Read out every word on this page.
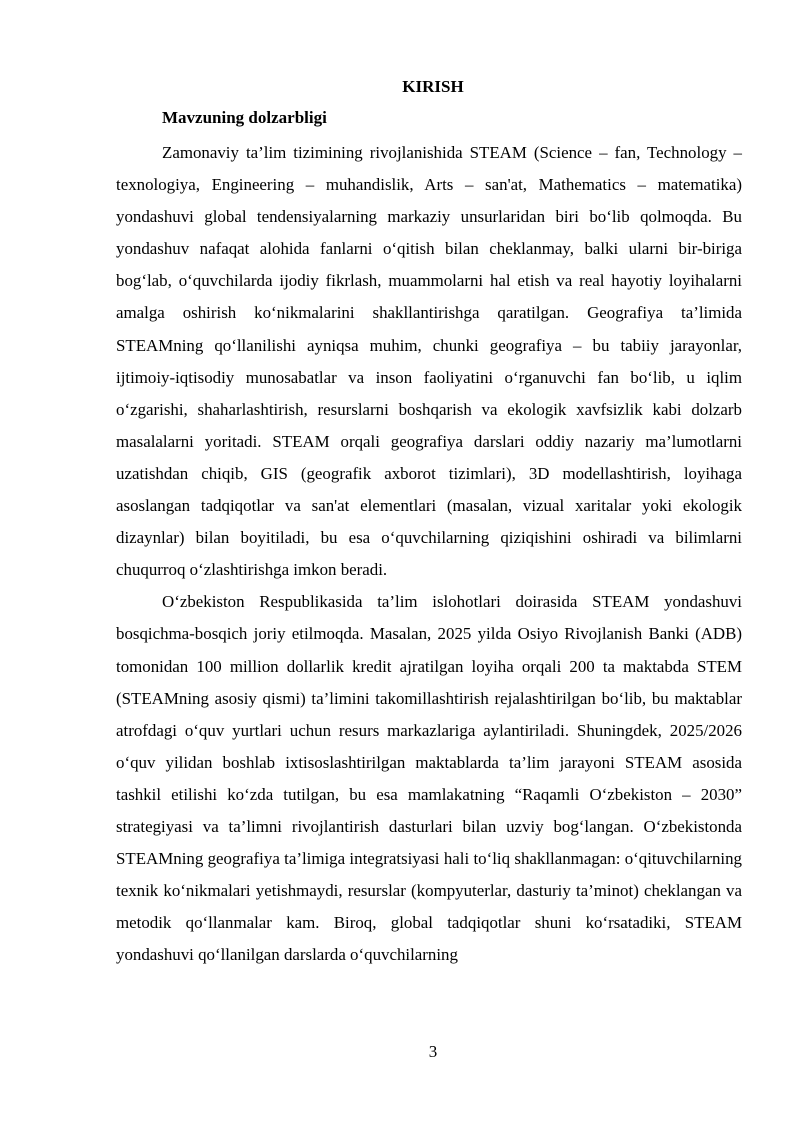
KIRISH

Mavzuning dolzarbligi

Zamonaviy ta’lim tizimining rivojlanishida STEAM (Science – fan, Technology – texnologiya, Engineering – muhandislik, Arts – san'at, Mathematics – matematika) yondashuvi global tendensiyalarning markaziy unsurlaridan biri bo‘lib qolmoqda. Bu yondashuv nafaqat alohida fanlarni o‘qitish bilan cheklanmay, balki ularni bir-biriga bog‘lab, o‘quvchilarda ijodiy fikrlash, muammolarni hal etish va real hayotiy loyihalarni amalga oshirish ko‘nikmalarini shakllantirishga qaratilgan. Geografiya ta’limida STEAMning qo‘llanilishi ayniqsa muhim, chunki geografiya – bu tabiiy jarayonlar, ijtimoiy-iqtisodiy munosabatlar va inson faoliyatini o‘rganuvchi fan bo‘lib, u iqlim o‘zgarishi, shaharlashtirish, resurslarni boshqarish va ekologik xavfsizlik kabi dolzarb masalalarni yoritadi. STEAM orqali geografiya darslari oddiy nazariy ma’lumotlarni uzatishdan chiqib, GIS (geografik axborot tizimlari), 3D modellashtirish, loyihaga asoslangan tadqiqotlar va san'at elementlari (masalan, vizual xaritalar yoki ekologik dizaynlar) bilan boyitiladi, bu esa o‘quvchilarning qiziqishini oshiradi va bilimlarni chuqurroq o‘zlashtirishga imkon beradi.

O‘zbekiston Respublikasida ta’lim islohotlari doirasida STEAM yondashuvi bosqichma-bosqich joriy etilmoqda. Masalan, 2025 yilda Osiyo Rivojlanish Banki (ADB) tomonidan 100 million dollarlik kredit ajratilgan loyiha orqali 200 ta maktabda STEM (STEAMning asosiy qismi) ta’limini takomillashtirish rejalashtirilgan bo‘lib, bu maktablar atrofdagi o‘quv yurtlari uchun resurs markazlariga aylantiriladi. Shuningdek, 2025/2026 o‘quv yilidan boshlab ixtisoslashtirilgan maktablarda ta’lim jarayoni STEAM asosida tashkil etilishi ko‘zda tutilgan, bu esa mamlakatning “Raqamli O‘zbekiston – 2030” strategiyasi va ta’limni rivojlantirish dasturlari bilan uzviy bog‘langan. O‘zbekistonda STEAMning geografiya ta’limiga integratsiyasi hali to‘liq shakllanmagan: o‘qituvchilarning texnik ko‘nikmalari yetishmaydi, resurslar (kompyuterlar, dasturiy ta’minot) cheklangan va metodik qo‘llanmalar kam. Biroq, global tadqiqotlar shuni ko‘rsatadiki, STEAM yondashuvi qo‘llanilgan darslarda o‘quvchilarning

3
